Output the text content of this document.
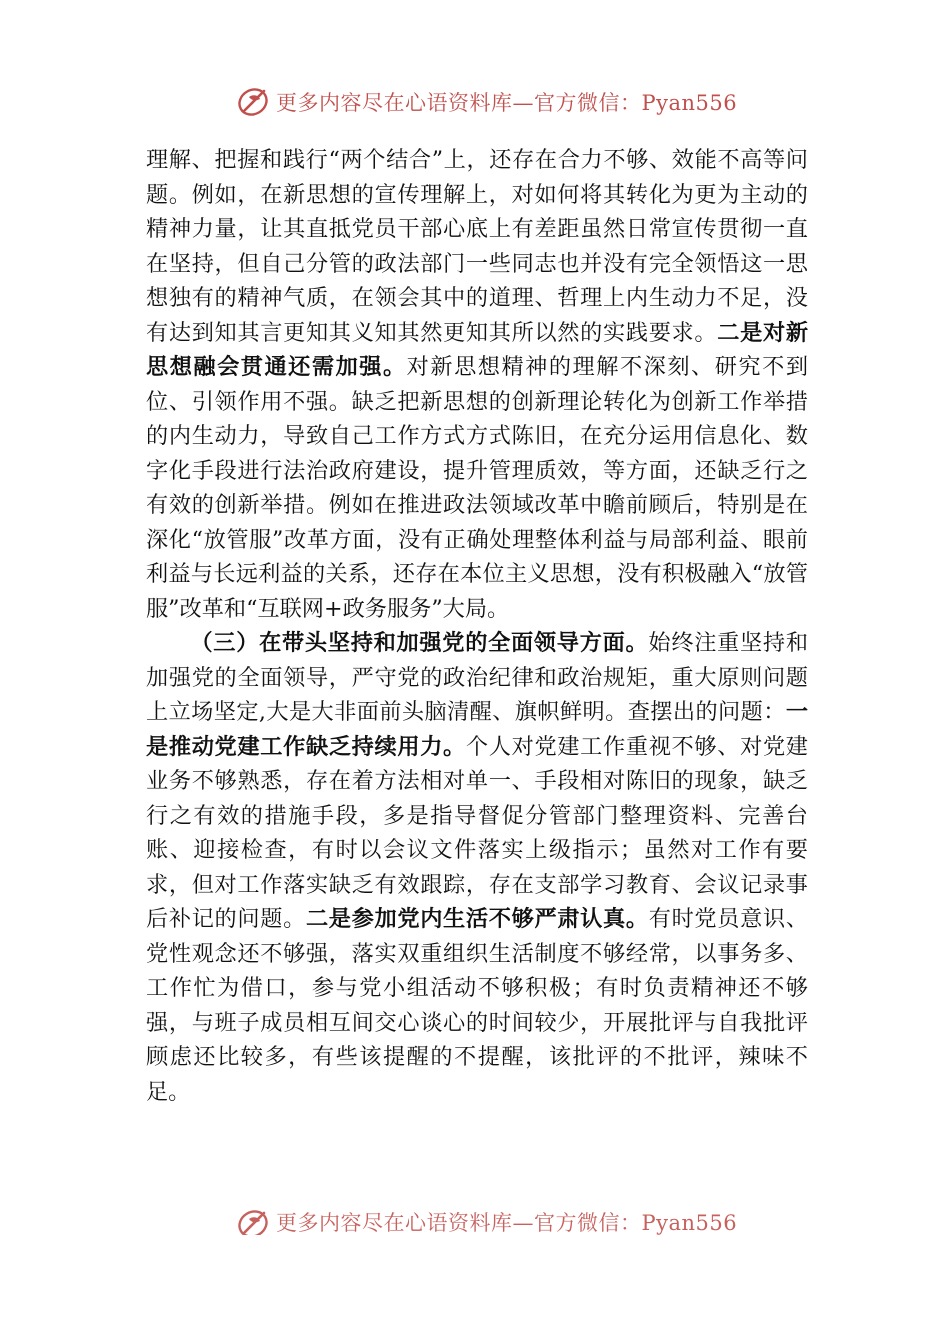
更多内容尽在心语资料库—官方微信：Pyan556

理解、把握和践行“两个结合”上，还存在合力不够、效能不高等问题。例如，在新思想的宣传理解上，对如何将其转化为更为主动的精神力量，让其直抵党员干部心底上有差距虽然日常宣传贯彻一直在坚持，但自己分管的政法部门一些同志也并没有完全领悟这一思想独有的精神气质，在领会其中的道理、哲理上内生动力不足，没有达到知其言更知其义知其然更知其所以然的实践要求。二是对新思想融会贯通还需加强。对新思想精神的理解不深刻、研究不到位、引领作用不强。缺乏把新思想的创新理论转化为创新工作举措的内生动力，导致自己工作方式方式陈旧，在充分运用信息化、数字化手段进行法治政府建设，提升管理质效，等方面，还缺乏行之有效的创新举措。例如在推进政法领域改革中瞻前顾后，特别是在深化“放管服”改革方面，没有正确处理整体利益与局部利益、眼前利益与长远利益的关系，还存在本位主义思想，没有积极融入“放管服”改革和“互联网+政务服务”大局。

（三）在带头坚持和加强党的全面领导方面。始终注重坚持和加强党的全面领导，严守党的政治纪律和政治规矩，重大原则问题上立场坚定,大是大非面前头脑清醒、旗帜鲜明。查摆出的问题：一是推动党建工作缺乏持续用力。个人对党建工作重视不够、对党建业务不够熟悉，存在着方法相对单一、手段相对陈旧的现象，缺乏行之有效的措施手段，多是指导督促分管部门整理资料、完善台账、迎接检查，有时以会议文件落实上级指示；虽然对工作有要求，但对工作落实缺乏有效跟踪，存在支部学习教育、会议记录事后补记的问题。二是参加党内生活不够严肃认真。有时党员意识、党性观念还不够强，落实双重组织生活制度不够经常，以事务多、工作忙为借口，参与党小组活动不够积极；有时负责精神还不够强，与班子成员相互间交心谈心的时间较少，开展批评与自我批评顾虑还比较多，有些该提醒的不提醒，该批评的不批评，辣味不足。

更多内容尽在心语资料库—官方微信：Pyan556
